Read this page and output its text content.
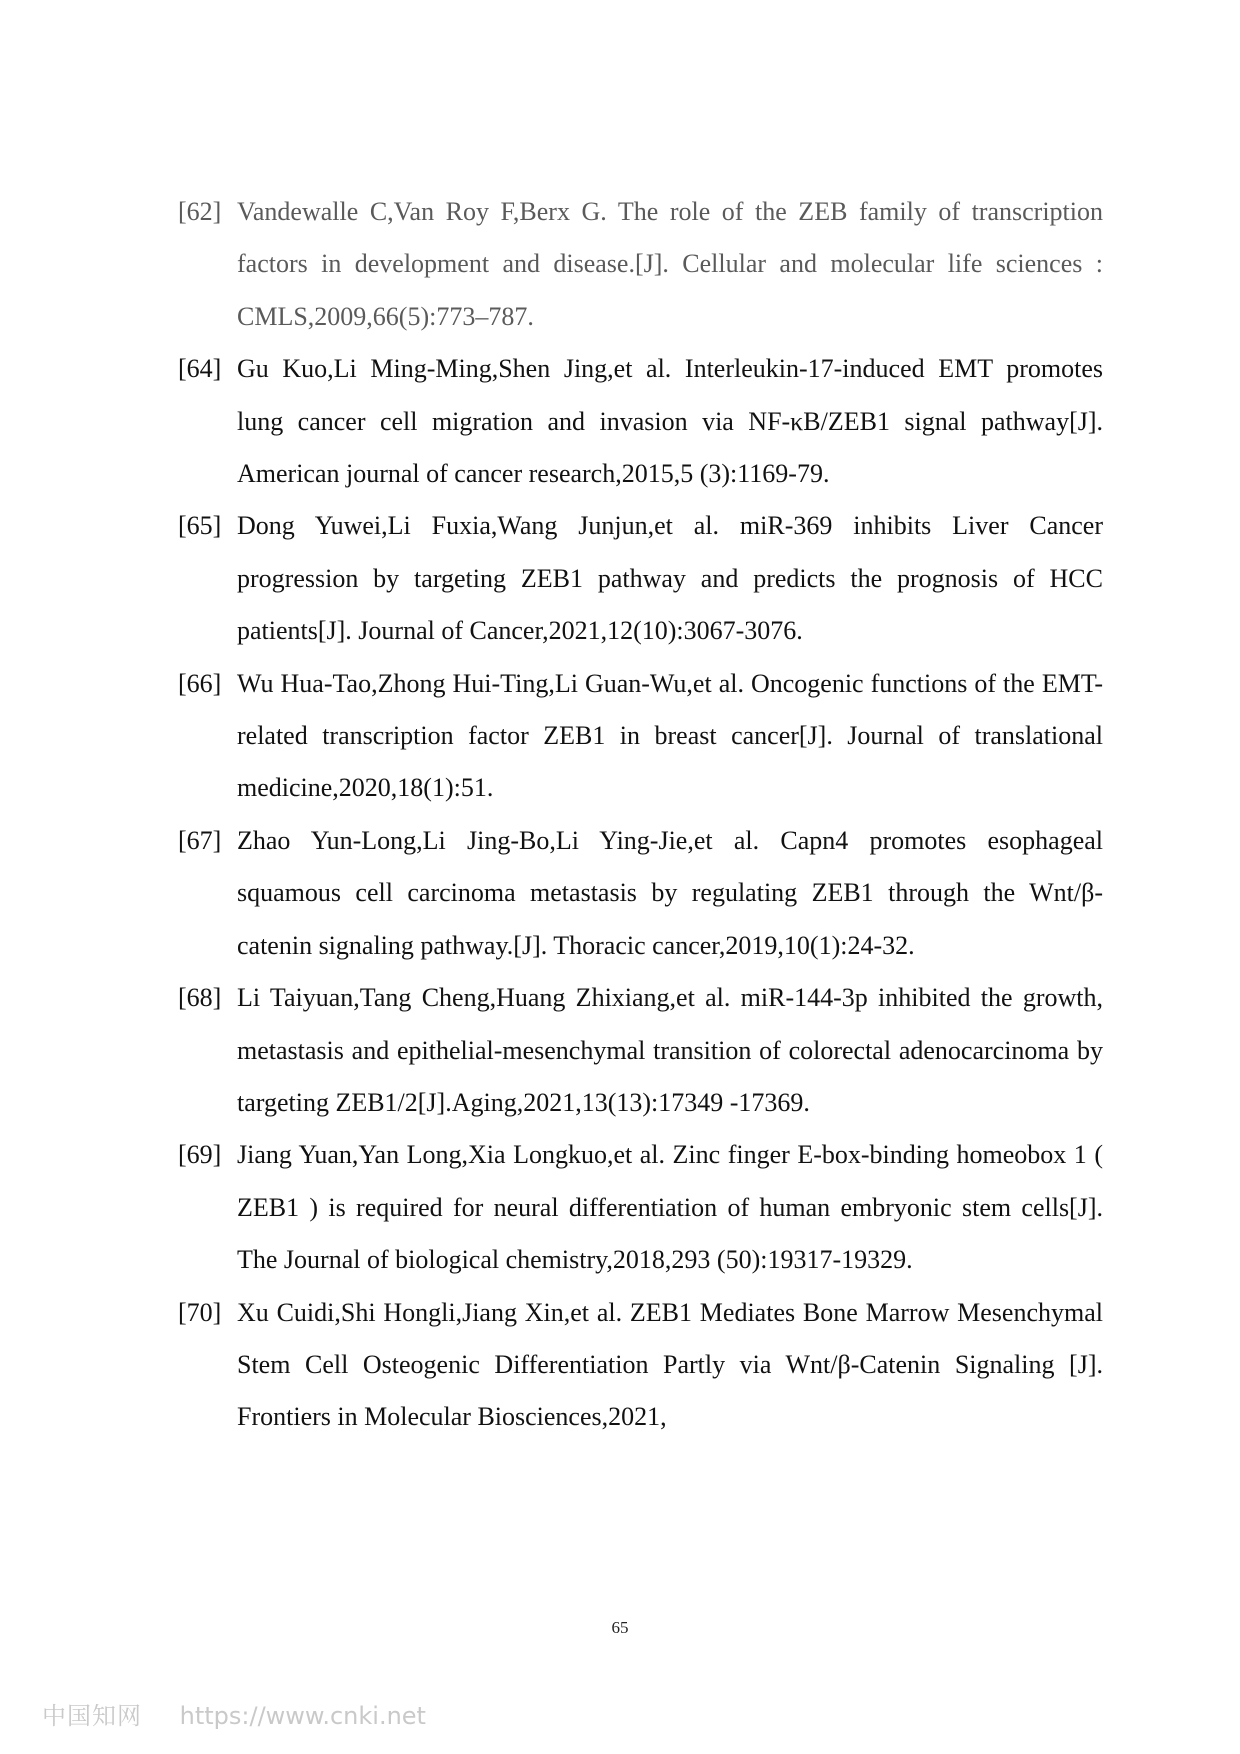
[62] Vandewalle C,Van Roy F,Berx G. The role of the ZEB family of transcription factors in development and disease.[J]. Cellular and molecular life sciences : CMLS,2009,66(5):773–787.
[64] Gu Kuo,Li Ming-Ming,Shen Jing,et al. Interleukin-17-induced EMT promotes lung cancer cell migration and invasion via NF-κB/ZEB1 signal pathway[J]. American journal of cancer research,2015,5 (3):1169-79.
[65] Dong Yuwei,Li Fuxia,Wang Junjun,et al. miR-369 inhibits Liver Cancer progression by targeting ZEB1 pathway and predicts the prognosis of HCC patients[J]. Journal of Cancer,2021,12(10):3067-3076.
[66] Wu Hua-Tao,Zhong Hui-Ting,Li Guan-Wu,et al. Oncogenic functions of the EMT-related transcription factor ZEB1 in breast cancer[J]. Journal of translational medicine,2020,18(1):51.
[67] Zhao Yun-Long,Li Jing-Bo,Li Ying-Jie,et al. Capn4 promotes esophageal squamous cell carcinoma metastasis by regulating ZEB1 through the Wnt/β-catenin signaling pathway.[J]. Thoracic cancer,2019,10(1):24-32.
[68] Li Taiyuan,Tang Cheng,Huang Zhixiang,et al. miR-144-3p inhibited the growth, metastasis and epithelial-mesenchymal transition of colorectal adenocarcinoma by targeting ZEB1/2[J].Aging,2021,13(13):17349 -17369.
[69] Jiang Yuan,Yan Long,Xia Longkuo,et al. Zinc finger E-box-binding homeobox 1 ( ZEB1 ) is required for neural differentiation of human embryonic stem cells[J]. The Journal of biological chemistry,2018,293 (50):19317-19329.
[70] Xu Cuidi,Shi Hongli,Jiang Xin,et al. ZEB1 Mediates Bone Marrow Mesenchymal Stem Cell Osteogenic Differentiation Partly via Wnt/β-Catenin Signaling [J]. Frontiers in Molecular Biosciences,2021,
65
中国知网 https://www.cnki.net
